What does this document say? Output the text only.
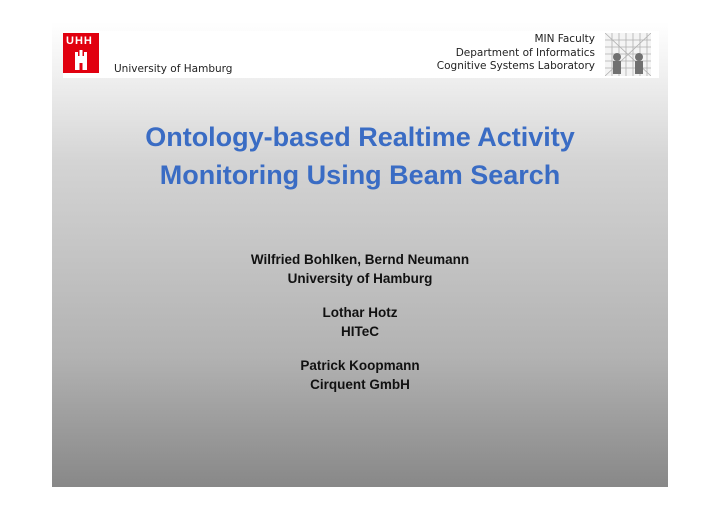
UHH
University of Hamburg
MIN Faculty
Department of Informatics
Cognitive Systems Laboratory
Ontology-based Realtime Activity
Monitoring Using Beam Search
Wilfried Bohlken, Bernd Neumann
University of Hamburg
Lothar Hotz
HITeC
Patrick Koopmann
Cirquent GmbH
